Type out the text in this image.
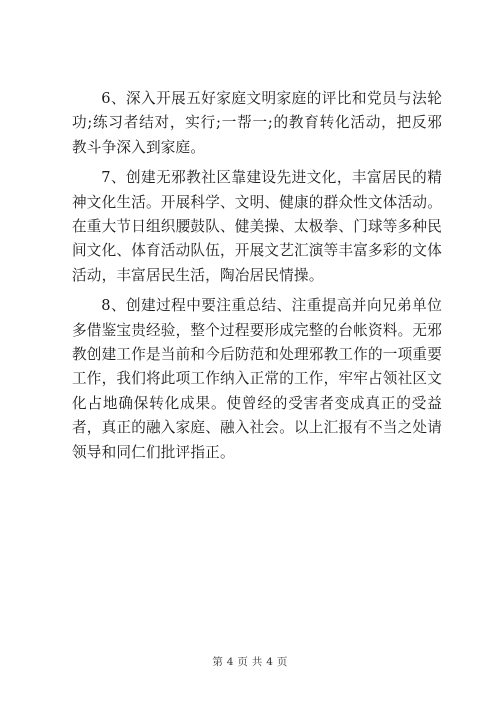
6、深入开展五好家庭文明家庭的评比和党员与法轮功;练习者结对，实行;一帮一;的教育转化活动，把反邪教斗争深入到家庭。

7、创建无邪教社区靠建设先进文化，丰富居民的精神文化生活。开展科学、文明、健康的群众性文体活动。在重大节日组织腰鼓队、健美操、太极拳、门球等多种民间文化、体育活动队伍，开展文艺汇演等丰富多彩的文体活动，丰富居民生活，陶冶居民情操。

8、创建过程中要注重总结、注重提高并向兄弟单位多借鉴宝贵经验，整个过程要形成完整的台帐资料。无邪教创建工作是当前和今后防范和处理邪教工作的一项重要工作，我们将此项工作纳入正常的工作，牢牢占领社区文化占地确保转化成果。使曾经的受害者变成真正的受益者，真正的融入家庭、融入社会。以上汇报有不当之处请领导和同仁们批评指正。

第 4 页 共 4 页
